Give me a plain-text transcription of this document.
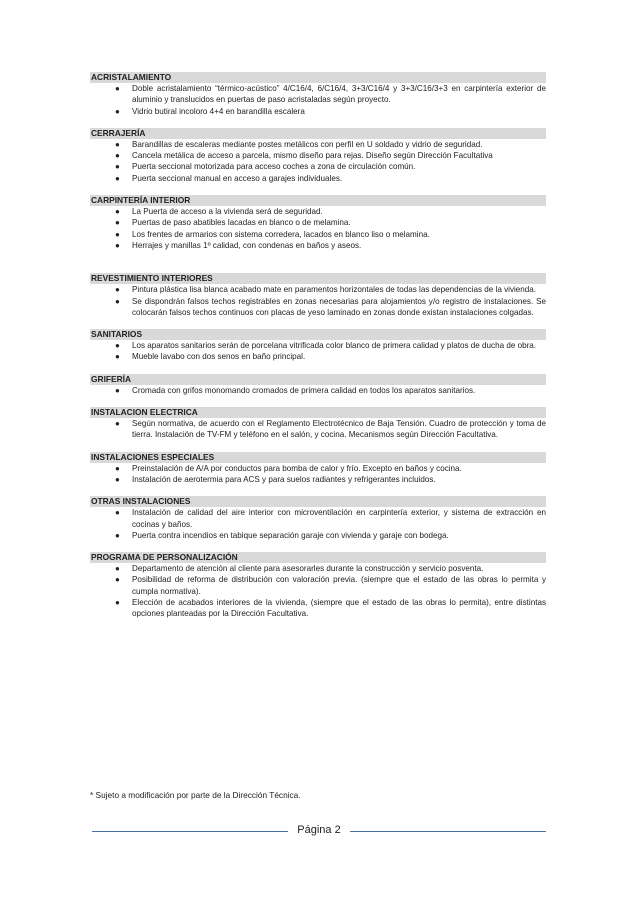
ACRISTALAMIENTO
● Doble acristalamiento “térmico-acústico” 4/C16/4, 6/C16/4, 3+3/C16/4 y 3+3/C16/3+3 en carpintería exterior de aluminio y translucidos en puertas de paso acristaladas según proyecto.
● Vidrio butiral incoloro 4+4 en barandilla escalera
CERRAJERÍA
● Barandillas de escaleras mediante postes metálicos con perfil en U soldado y vidrio de seguridad.
● Cancela metálica de acceso a parcela, mismo diseño para rejas. Diseño según Dirección Facultativa
● Puerta seccional motorizada para acceso coches a zona de circulación común.
● Puerta seccional manual en acceso a garajes individuales.
CARPINTERÍA INTERIOR
● La Puerta de acceso a la vivienda será de seguridad.
● Puertas de paso abatibles lacadas en blanco o de melamina.
● Los frentes de armarios con sistema corredera, lacados en blanco liso o melamina.
● Herrajes y manillas 1º calidad, con condenas en baños y aseos.
REVESTIMIENTO INTERIORES
● Pintura plástica lisa blanca acabado mate en paramentos horizontales de todas las dependencias de la vivienda.
● Se dispondrán falsos techos registrables en zonas necesarias para alojamientos y/o registro de instalaciones. Se colocarán falsos techos continuos con placas de yeso laminado en zonas donde existan instalaciones colgadas.
SANITARIOS
● Los aparatos sanitarios serán de porcelana vitrificada color blanco de primera calidad y platos de ducha de obra.
● Mueble lavabo con dos senos en baño principal.
GRIFERÍA
● Cromada con grifos monomando cromados de primera calidad en todos los aparatos sanitarios.
INSTALACION ELECTRICA
● Según normativa, de acuerdo con el Reglamento Electrotécnico de Baja Tensión. Cuadro de protección y toma de tierra. Instalación de TV-FM y teléfono en el salón, y cocina. Mecanismos según Dirección Facultativa.
INSTALACIONES ESPECIALES
● Preinstalación de A/A por conductos para bomba de calor y frío. Excepto en baños y cocina.
● Instalación de aerotermia para ACS y para suelos radiantes y refrigerantes incluidos.
OTRAS INSTALACIONES
● Instalación de calidad del aire interior con microventilación en carpintería exterior, y sistema de extracción en cocinas y baños.
● Puerta contra incendios en tabique separación garaje con vivienda y garaje con bodega.
PROGRAMA DE PERSONALIZACIÓN
● Departamento de atención al cliente para asesorarles durante la construcción y servicio posventa.
● Posibilidad de reforma de distribución con valoración previa. (siempre que el estado de las obras lo permita y cumpla normativa).
● Elección de acabados interiores de la vivienda, (siempre que el estado de las obras lo permita), entre distintas opciones planteadas por la Dirección Facultativa.
* Sujeto a modificación por parte de la Dirección Técnica.
Página 2
